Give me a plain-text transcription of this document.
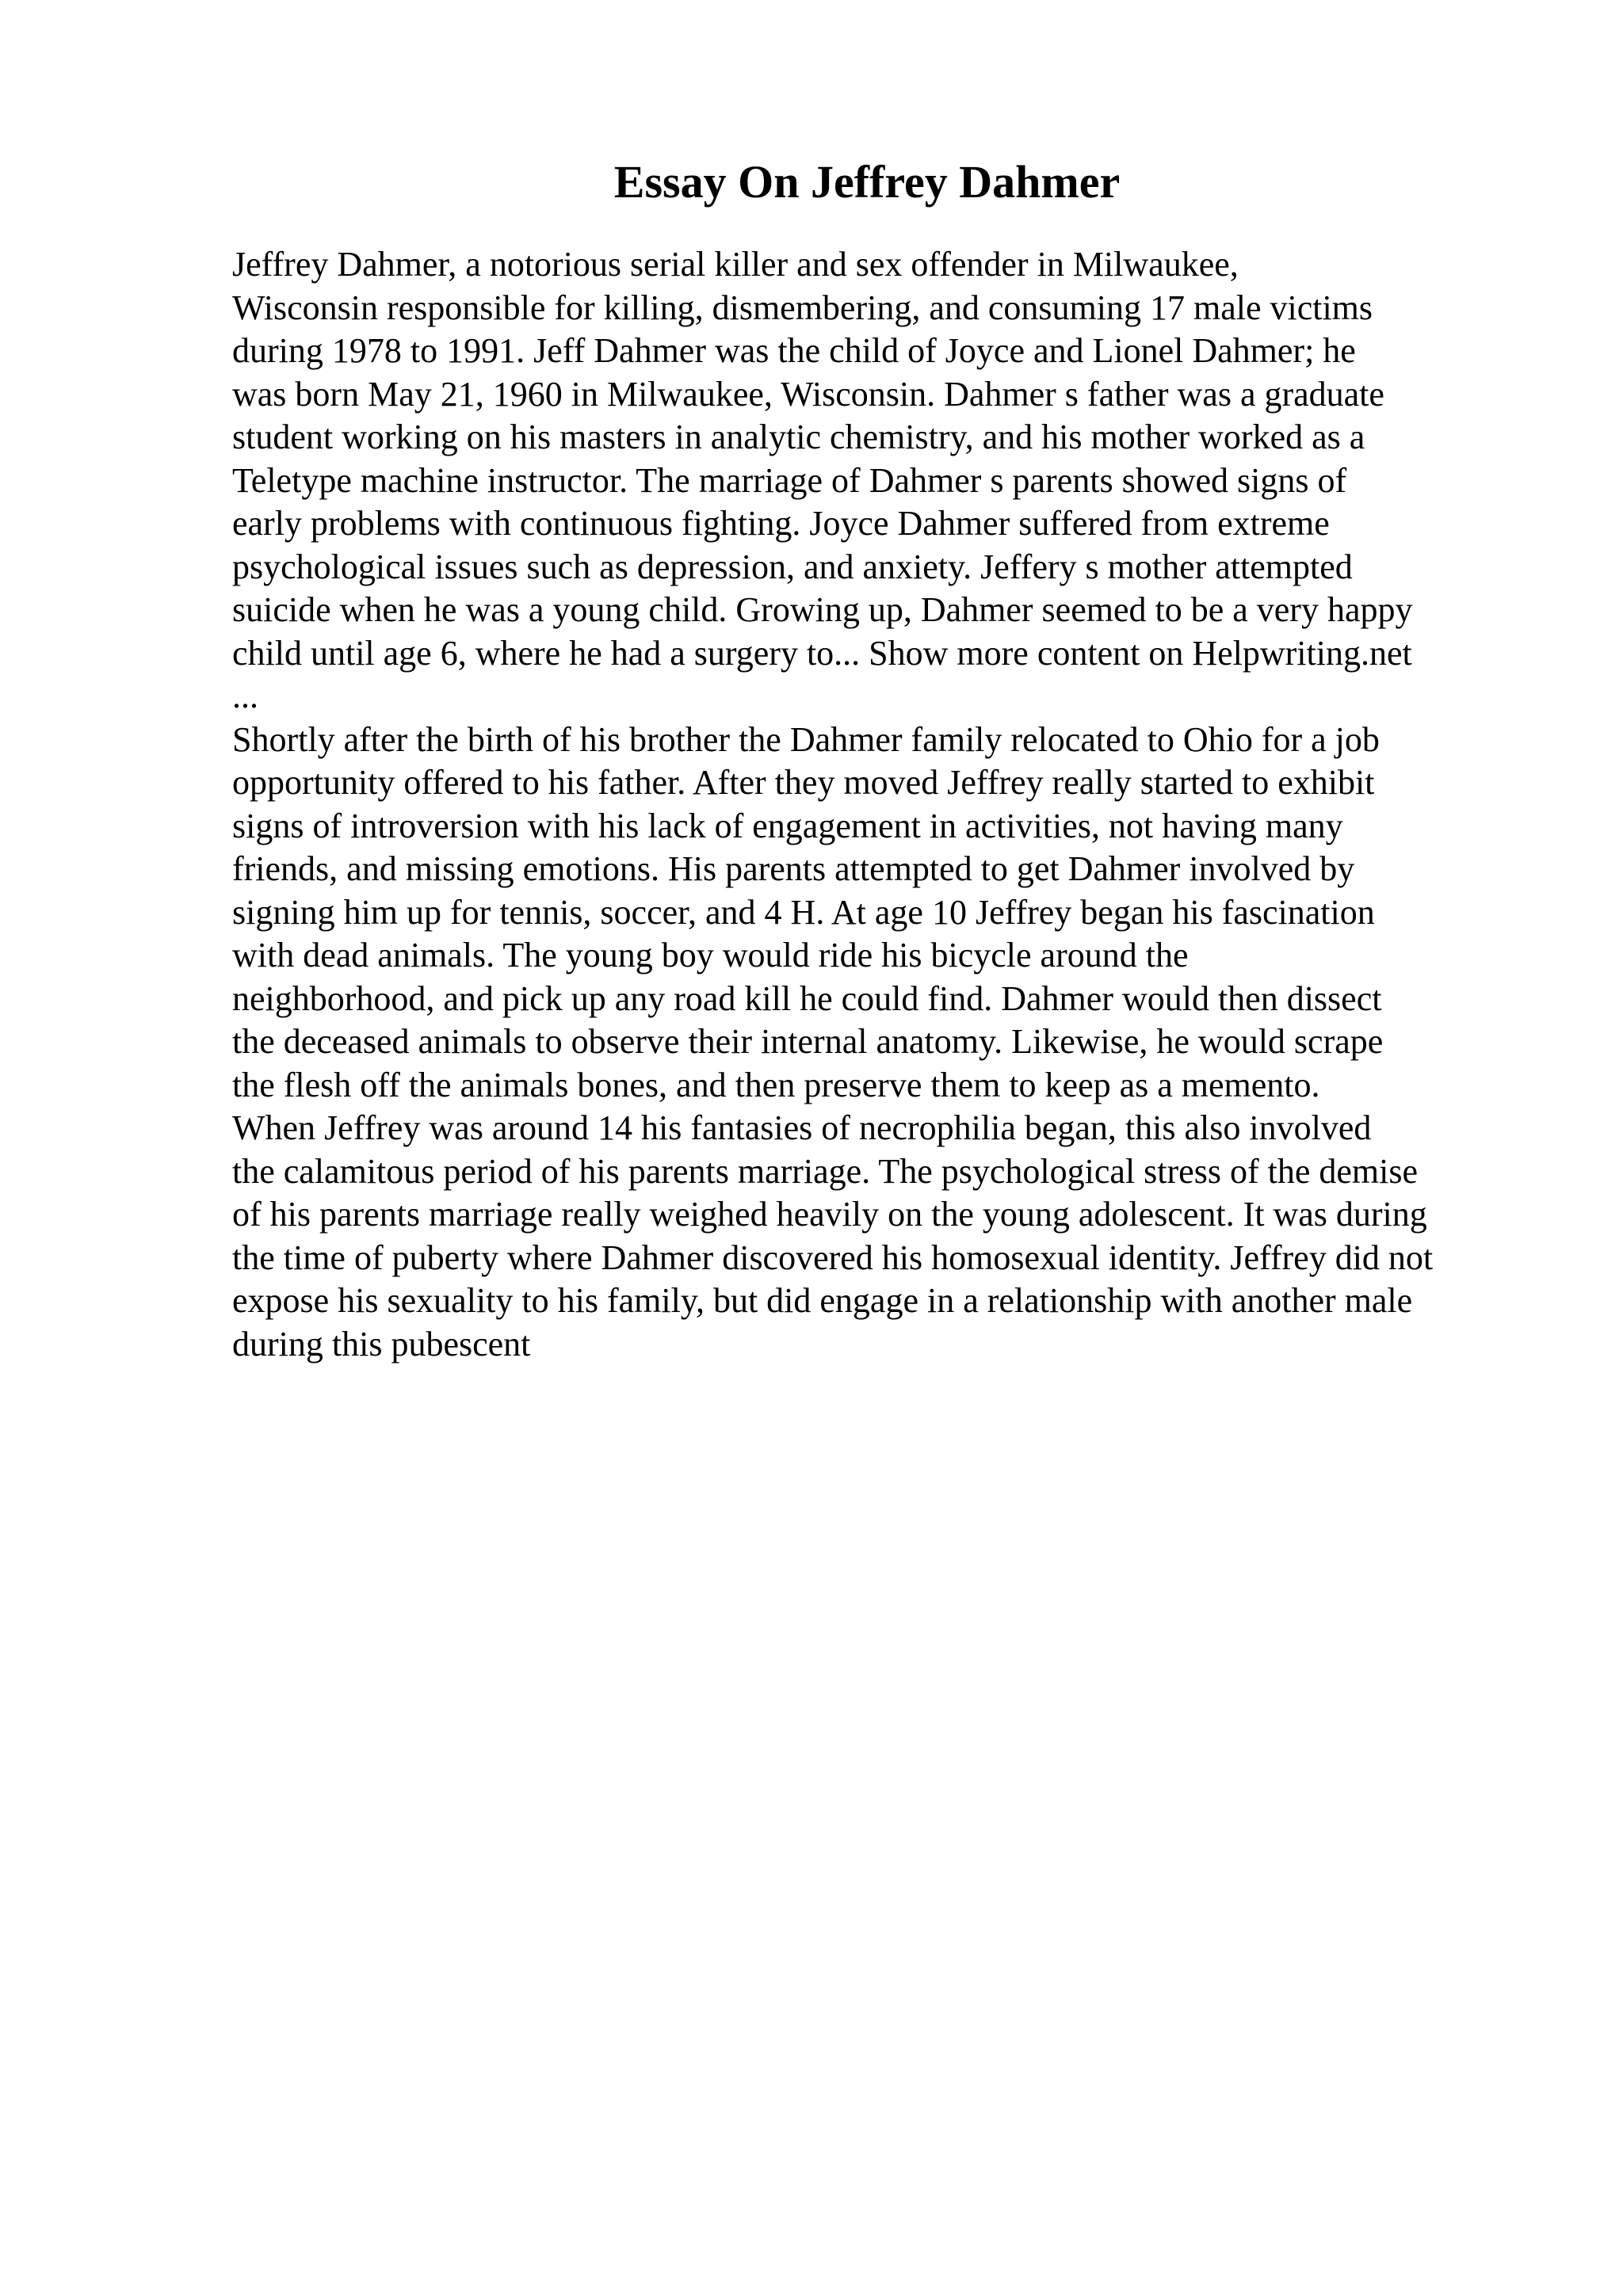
Essay On Jeffrey Dahmer
Jeffrey Dahmer, a notorious serial killer and sex offender in Milwaukee,
Wisconsin responsible for killing, dismembering, and consuming 17 male victims
during 1978 to 1991. Jeff Dahmer was the child of Joyce and Lionel Dahmer; he
was born May 21, 1960 in Milwaukee, Wisconsin. Dahmer s father was a graduate
student working on his masters in analytic chemistry, and his mother worked as a
Teletype machine instructor. The marriage of Dahmer s parents showed signs of
early problems with continuous fighting. Joyce Dahmer suffered from extreme
psychological issues such as depression, and anxiety. Jeffery s mother attempted
suicide when he was a young child. Growing up, Dahmer seemed to be a very happy
child until age 6, where he had a surgery to... Show more content on Helpwriting.net
...
Shortly after the birth of his brother the Dahmer family relocated to Ohio for a job
opportunity offered to his father. After they moved Jeffrey really started to exhibit
signs of introversion with his lack of engagement in activities, not having many
friends, and missing emotions. His parents attempted to get Dahmer involved by
signing him up for tennis, soccer, and 4 H. At age 10 Jeffrey began his fascination
with dead animals. The young boy would ride his bicycle around the
neighborhood, and pick up any road kill he could find. Dahmer would then dissect
the deceased animals to observe their internal anatomy. Likewise, he would scrape
the flesh off the animals bones, and then preserve them to keep as a memento.
When Jeffrey was around 14 his fantasies of necrophilia began, this also involved
the calamitous period of his parents marriage. The psychological stress of the demise
of his parents marriage really weighed heavily on the young adolescent. It was during
the time of puberty where Dahmer discovered his homosexual identity. Jeffrey did not
expose his sexuality to his family, but did engage in a relationship with another male
during this pubescent
